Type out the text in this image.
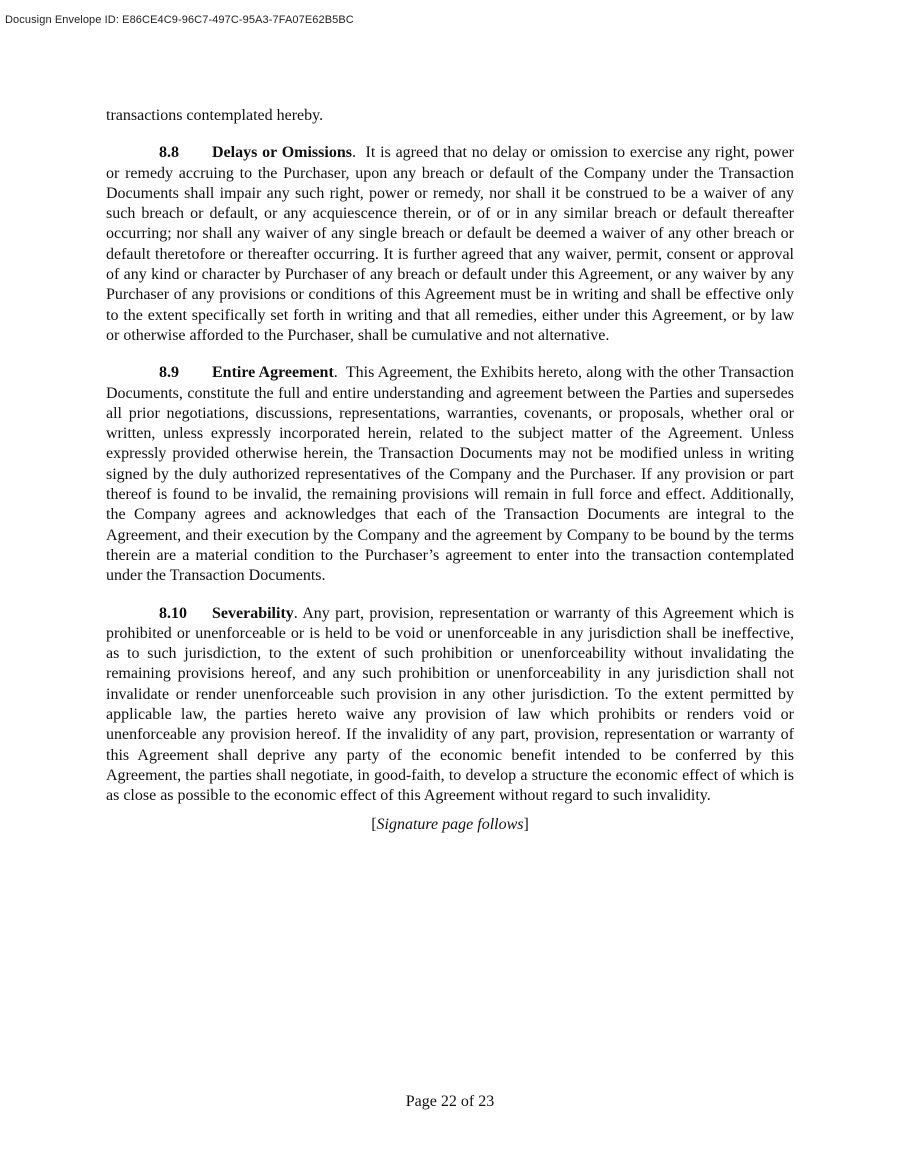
Docusign Envelope ID: E86CE4C9-96C7-497C-95A3-7FA07E62B5BC

transactions contemplated hereby.

8.8 Delays or Omissions.  It is agreed that no delay or omission to exercise any right, power or remedy accruing to the Purchaser, upon any breach or default of the Company under the Transaction Documents shall impair any such right, power or remedy, nor shall it be construed to be a waiver of any such breach or default, or any acquiescence therein, or of or in any similar breach or default thereafter occurring; nor shall any waiver of any single breach or default be deemed a waiver of any other breach or default theretofore or thereafter occurring. It is further agreed that any waiver, permit, consent or approval of any kind or character by Purchaser of any breach or default under this Agreement, or any waiver by any Purchaser of any provisions or conditions of this Agreement must be in writing and shall be effective only to the extent specifically set forth in writing and that all remedies, either under this Agreement, or by law or otherwise afforded to the Purchaser, shall be cumulative and not alternative.

8.9 Entire Agreement.  This Agreement, the Exhibits hereto, along with the other Transaction Documents, constitute the full and entire understanding and agreement between the Parties and supersedes all prior negotiations, discussions, representations, warranties, covenants, or proposals, whether oral or written, unless expressly incorporated herein, related to the subject matter of the Agreement. Unless expressly provided otherwise herein, the Transaction Documents may not be modified unless in writing signed by the duly authorized representatives of the Company and the Purchaser. If any provision or part thereof is found to be invalid, the remaining provisions will remain in full force and effect. Additionally, the Company agrees and acknowledges that each of the Transaction Documents are integral to the Agreement, and their execution by the Company and the agreement by Company to be bound by the terms therein are a material condition to the Purchaser’s agreement to enter into the transaction contemplated under the Transaction Documents.

8.10 Severability. Any part, provision, representation or warranty of this Agreement which is prohibited or unenforceable or is held to be void or unenforceable in any jurisdiction shall be ineffective, as to such jurisdiction, to the extent of such prohibition or unenforceability without invalidating the remaining provisions hereof, and any such prohibition or unenforceability in any jurisdiction shall not invalidate or render unenforceable such provision in any other jurisdiction. To the extent permitted by applicable law, the parties hereto waive any provision of law which prohibits or renders void or unenforceable any provision hereof. If the invalidity of any part, provision, representation or warranty of this Agreement shall deprive any party of the economic benefit intended to be conferred by this Agreement, the parties shall negotiate, in good-faith, to develop a structure the economic effect of which is as close as possible to the economic effect of this Agreement without regard to such invalidity.

[Signature page follows]
Page 22 of 23
